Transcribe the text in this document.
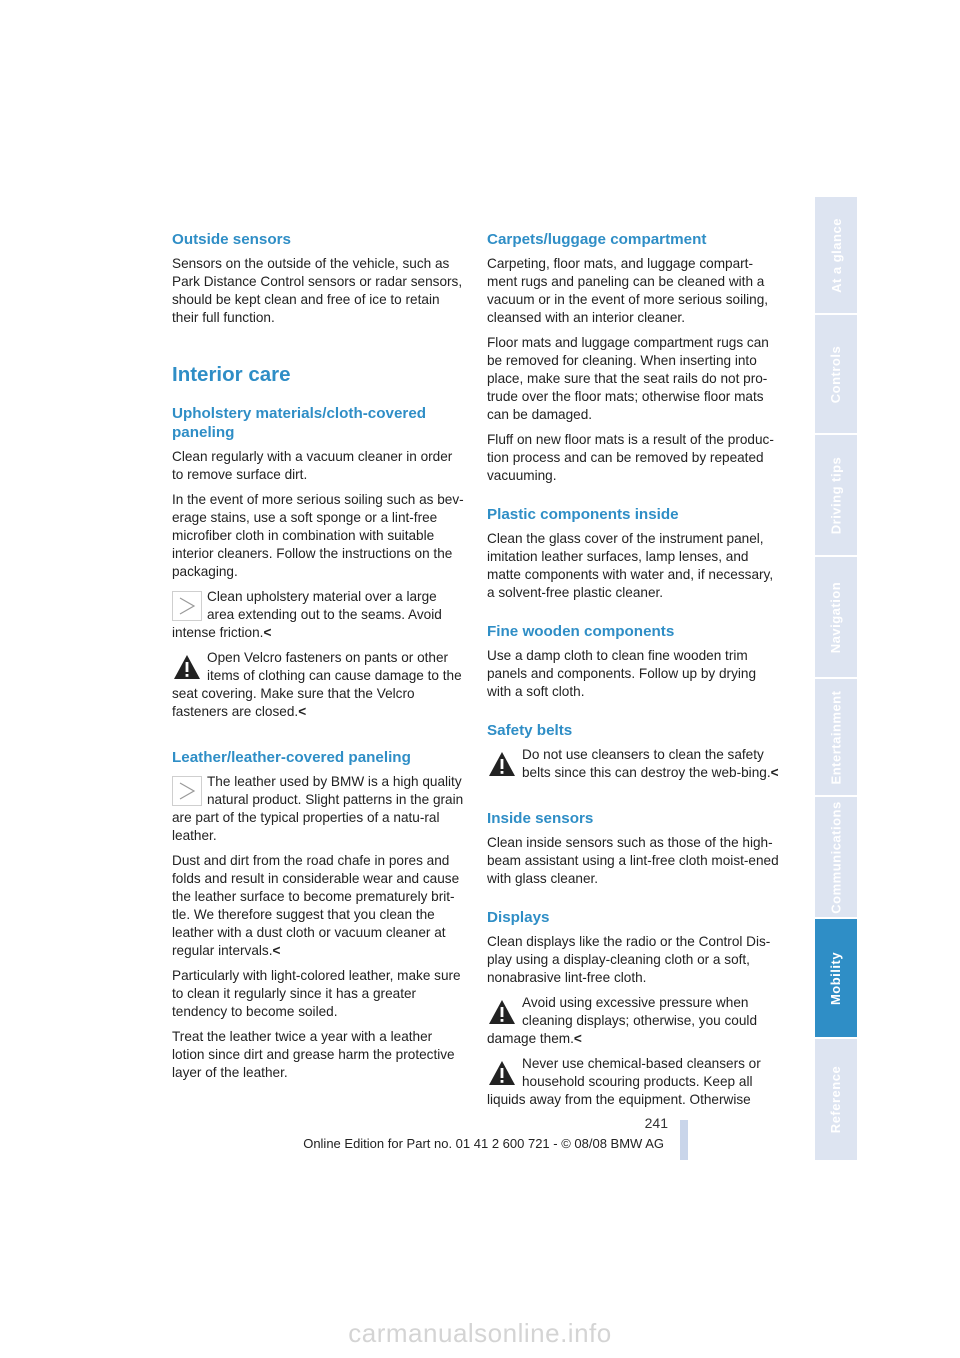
Outside sensors

Sensors on the outside of the vehicle, such as Park Distance Control sensors or radar sensors, should be kept clean and free of ice to retain their full function.

Interior care
Upholstery materials/cloth-covered paneling

Clean regularly with a vacuum cleaner in order to remove surface dirt.

In the event of more serious soiling such as bev-erage stains, use a soft sponge or a lint-free microfiber cloth in combination with suitable interior cleaners. Follow the instructions on the packaging.

Clean upholstery material over a large area extending out to the seams. Avoid intense friction.<

Open Velcro fasteners on pants or other items of clothing can cause damage to the seat covering. Make sure that the Velcro fasteners are closed.<

Leather/leather-covered paneling

The leather used by BMW is a high quality natural product. Slight patterns in the grain are part of the typical properties of a natu-ral leather.

Dust and dirt from the road chafe in pores and folds and result in considerable wear and cause the leather surface to become prematurely brit-tle. We therefore suggest that you clean the leather with a dust cloth or vacuum cleaner at regular intervals.<

Particularly with light-colored leather, make sure to clean it regularly since it has a greater tendency to become soiled.

Treat the leather twice a year with a leather lotion since dirt and grease harm the protective layer of the leather.

Carpets/luggage compartment

Carpeting, floor mats, and luggage compart-ment rugs and paneling can be cleaned with a vacuum or in the event of more serious soiling, cleansed with an interior cleaner.

Floor mats and luggage compartment rugs can be removed for cleaning. When inserting into place, make sure that the seat rails do not pro-trude over the floor mats; otherwise floor mats can be damaged.

Fluff on new floor mats is a result of the produc-tion process and can be removed by repeated vacuuming.

Plastic components inside

Clean the glass cover of the instrument panel, imitation leather surfaces, lamp lenses, and matte components with water and, if necessary, a solvent-free plastic cleaner.

Fine wooden components

Use a damp cloth to clean fine wooden trim panels and components. Follow up by drying with a soft cloth.

Safety belts

Do not use cleansers to clean the safety belts since this can destroy the web-bing.<

Inside sensors

Clean inside sensors such as those of the high-beam assistant using a lint-free cloth moist-ened with glass cleaner.

Displays

Clean displays like the radio or the Control Dis-play using a display-cleaning cloth or a soft, nonabrasive lint-free cloth.

Avoid using excessive pressure when cleaning displays; otherwise, you could damage them.<

Never use chemical-based cleansers or household scouring products. Keep all liquids away from the equipment. Otherwise

At a glance
Controls
Driving tips
Navigation
Entertainment
Communications
Mobility
Reference
241
Online Edition for Part no. 01 41 2 600 721 - © 08/08 BMW AG
carmanualsonline.info
